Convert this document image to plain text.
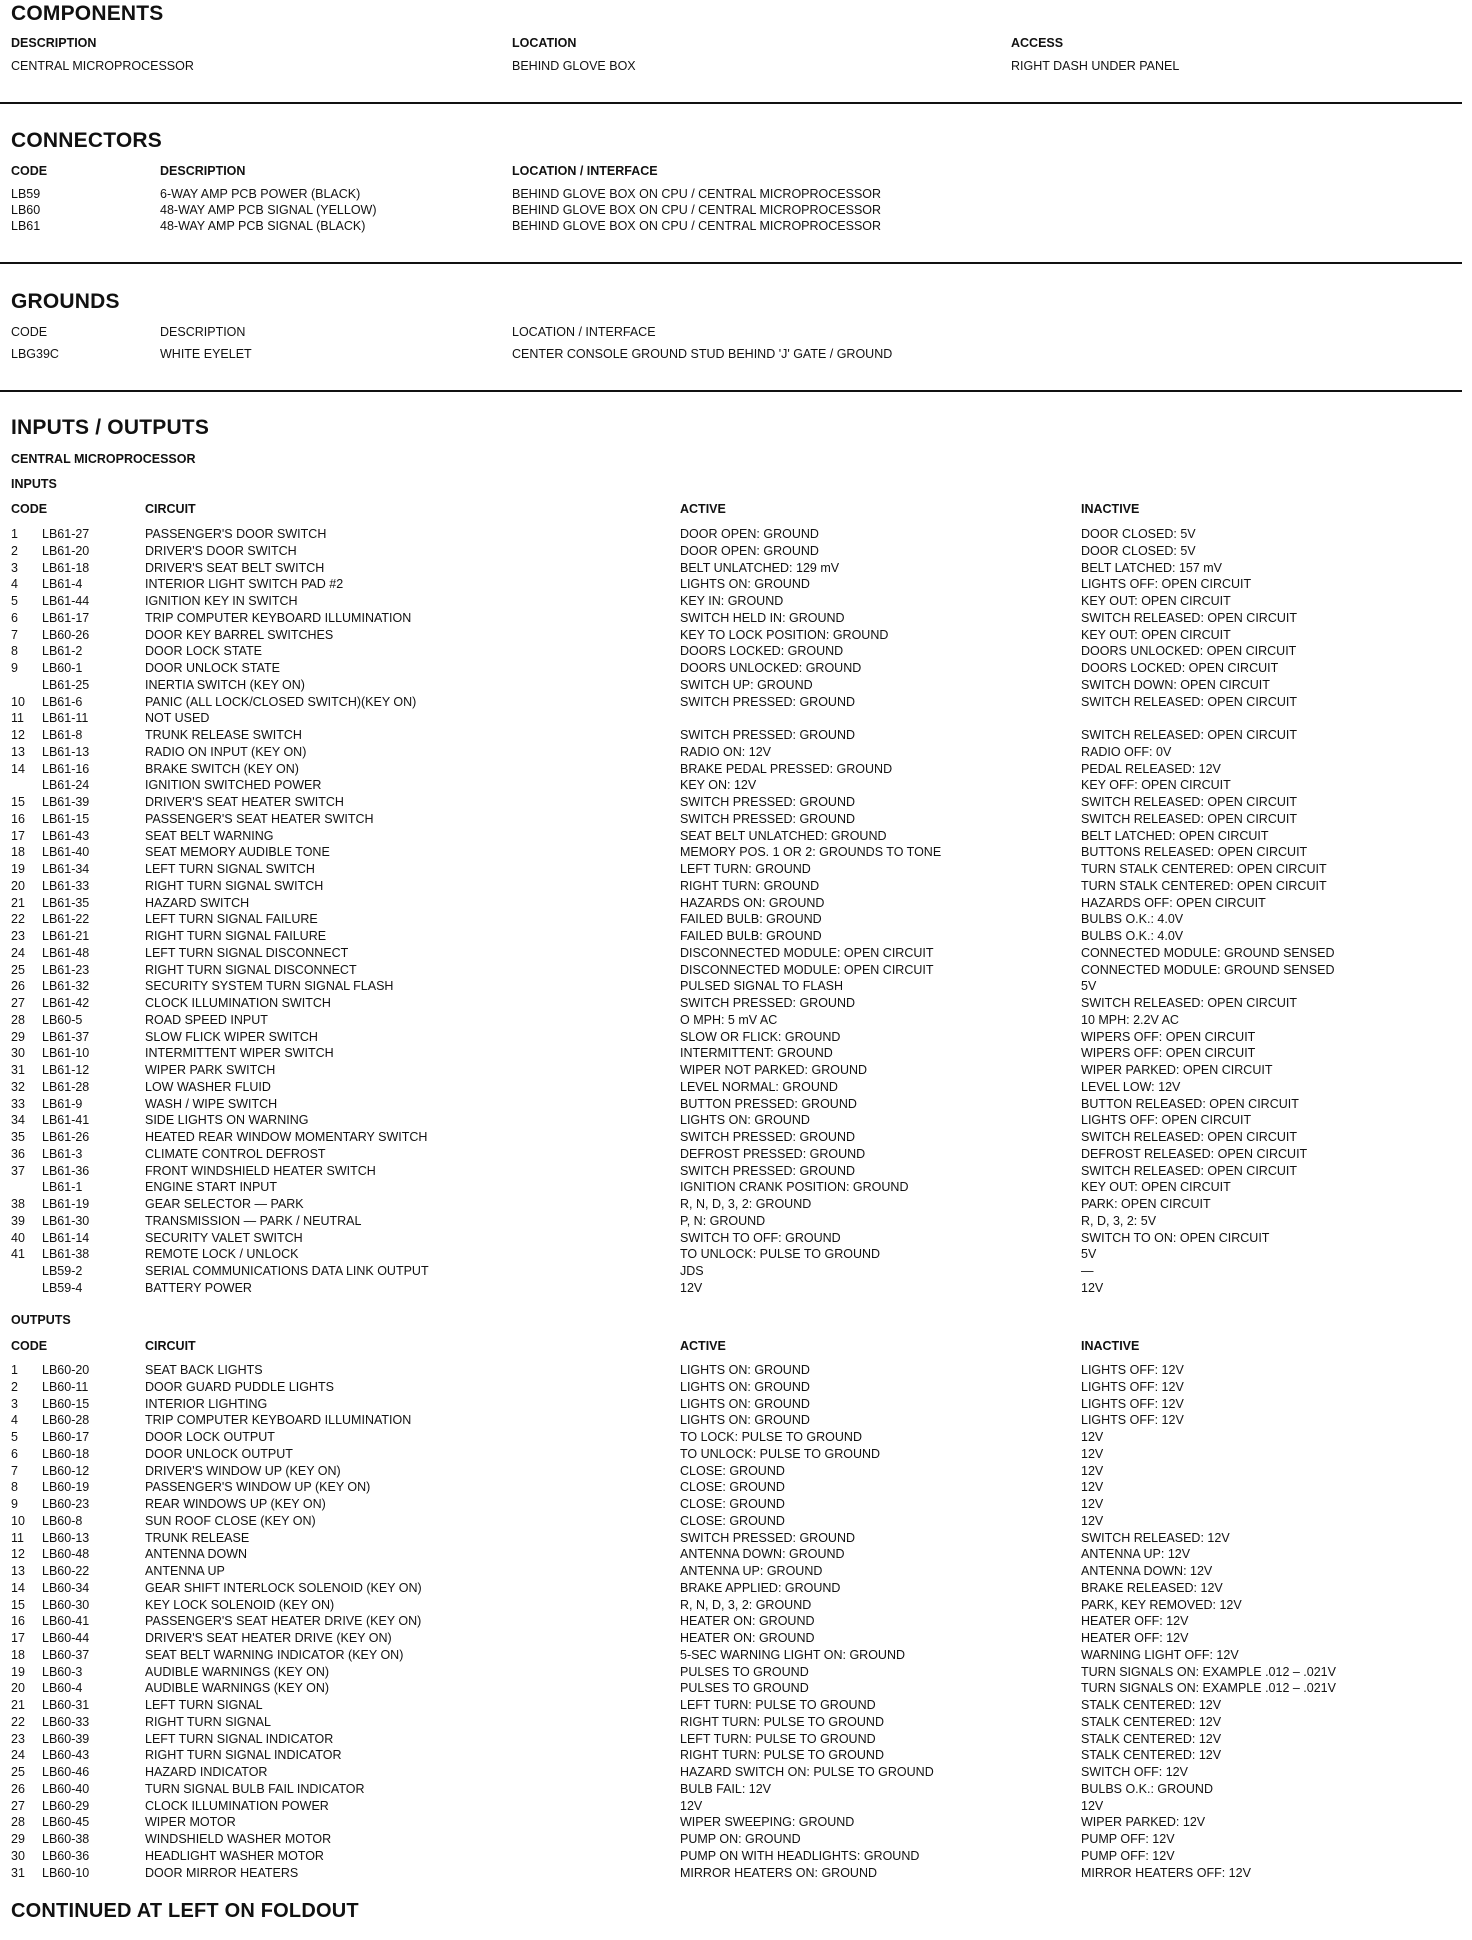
COMPONENTS
DESCRIPTION	LOCATION	ACCESS
CENTRAL MICROPROCESSOR	BEHIND GLOVE BOX	RIGHT DASH UNDER PANEL
CONNECTORS
CODE	DESCRIPTION	LOCATION / INTERFACE
LB59	6-WAY AMP PCB POWER (BLACK)	BEHIND GLOVE BOX ON CPU / CENTRAL MICROPROCESSOR
LB60	48-WAY AMP PCB SIGNAL (YELLOW)	BEHIND GLOVE BOX ON CPU / CENTRAL MICROPROCESSOR
LB61	48-WAY AMP PCB SIGNAL (BLACK)	BEHIND GLOVE BOX ON CPU / CENTRAL MICROPROCESSOR
GROUNDS
CODE	DESCRIPTION	LOCATION / INTERFACE
LBG39C	WHITE EYELET	CENTER CONSOLE GROUND STUD BEHIND 'J' GATE / GROUND
INPUTS / OUTPUTS
CENTRAL MICROPROCESSOR
INPUTS
CODE	CIRCUIT	ACTIVE	INACTIVE
1 LB61-27	PASSENGER'S DOOR SWITCH	DOOR OPEN: GROUND	DOOR CLOSED: 5V
2 LB61-20	DRIVER'S DOOR SWITCH	DOOR OPEN: GROUND	DOOR CLOSED: 5V
3 LB61-18	DRIVER'S SEAT BELT SWITCH	BELT UNLATCHED: 129 mV	BELT LATCHED: 157 mV
4 LB61-4	INTERIOR LIGHT SWITCH PAD #2	LIGHTS ON: GROUND	LIGHTS OFF: OPEN CIRCUIT
5 LB61-44	IGNITION KEY IN SWITCH	KEY IN: GROUND	KEY OUT: OPEN CIRCUIT
6 LB61-17	TRIP COMPUTER KEYBOARD ILLUMINATION	SWITCH HELD IN: GROUND	SWITCH RELEASED: OPEN CIRCUIT
7 LB60-26	DOOR KEY BARREL SWITCHES	KEY TO LOCK POSITION: GROUND	KEY OUT: OPEN CIRCUIT
8 LB61-2	DOOR LOCK STATE	DOORS LOCKED: GROUND	DOORS UNLOCKED: OPEN CIRCUIT
9 LB60-1	DOOR UNLOCK STATE	DOORS UNLOCKED: GROUND	DOORS LOCKED: OPEN CIRCUIT
LB61-25	INERTIA SWITCH (KEY ON)	SWITCH UP: GROUND	SWITCH DOWN: OPEN CIRCUIT
10 LB61-6	PANIC (ALL LOCK/CLOSED SWITCH)(KEY ON)	SWITCH PRESSED: GROUND	SWITCH RELEASED: OPEN CIRCUIT
11 LB61-11	NOT USED
12 LB61-8	TRUNK RELEASE SWITCH	SWITCH PRESSED: GROUND	SWITCH RELEASED: OPEN CIRCUIT
13 LB61-13	RADIO ON INPUT (KEY ON)	RADIO ON: 12V	RADIO OFF: 0V
14 LB61-16	BRAKE SWITCH (KEY ON)	BRAKE PEDAL PRESSED: GROUND	PEDAL RELEASED: 12V
LB61-24	IGNITION SWITCHED POWER	KEY ON: 12V	KEY OFF: OPEN CIRCUIT
15 LB61-39	DRIVER'S SEAT HEATER SWITCH	SWITCH PRESSED: GROUND	SWITCH RELEASED: OPEN CIRCUIT
16 LB61-15	PASSENGER'S SEAT HEATER SWITCH	SWITCH PRESSED: GROUND	SWITCH RELEASED: OPEN CIRCUIT
17 LB61-43	SEAT BELT WARNING	SEAT BELT UNLATCHED: GROUND	BELT LATCHED: OPEN CIRCUIT
18 LB61-40	SEAT MEMORY AUDIBLE TONE	MEMORY POS. 1 OR 2: GROUNDS TO TONE	BUTTONS RELEASED: OPEN CIRCUIT
19 LB61-34	LEFT TURN SIGNAL SWITCH	LEFT TURN: GROUND	TURN STALK CENTERED: OPEN CIRCUIT
20 LB61-33	RIGHT TURN SIGNAL SWITCH	RIGHT TURN: GROUND	TURN STALK CENTERED: OPEN CIRCUIT
21 LB61-35	HAZARD SWITCH	HAZARDS ON: GROUND	HAZARDS OFF: OPEN CIRCUIT
22 LB61-22	LEFT TURN SIGNAL FAILURE	FAILED BULB: GROUND	BULBS O.K.: 4.0V
23 LB61-21	RIGHT TURN SIGNAL FAILURE	FAILED BULB: GROUND	BULBS O.K.: 4.0V
24 LB61-48	LEFT TURN SIGNAL DISCONNECT	DISCONNECTED MODULE: OPEN CIRCUIT	CONNECTED MODULE: GROUND SENSED
25 LB61-23	RIGHT TURN SIGNAL DISCONNECT	DISCONNECTED MODULE: OPEN CIRCUIT	CONNECTED MODULE: GROUND SENSED
26 LB61-32	SECURITY SYSTEM TURN SIGNAL FLASH	PULSED SIGNAL TO FLASH	5V
27 LB61-42	CLOCK ILLUMINATION SWITCH	SWITCH PRESSED: GROUND	SWITCH RELEASED: OPEN CIRCUIT
28 LB60-5	ROAD SPEED INPUT	O MPH: 5 mV AC	10 MPH: 2.2V AC
29 LB61-37	SLOW FLICK WIPER SWITCH	SLOW OR FLICK: GROUND	WIPERS OFF: OPEN CIRCUIT
30 LB61-10	INTERMITTENT WIPER SWITCH	INTERMITTENT: GROUND	WIPERS OFF: OPEN CIRCUIT
31 LB61-12	WIPER PARK SWITCH	WIPER NOT PARKED: GROUND	WIPER PARKED: OPEN CIRCUIT
32 LB61-28	LOW WASHER FLUID	LEVEL NORMAL: GROUND	LEVEL LOW: 12V
33 LB61-9	WASH / WIPE SWITCH	BUTTON PRESSED: GROUND	BUTTON RELEASED: OPEN CIRCUIT
34 LB61-41	SIDE LIGHTS ON WARNING	LIGHTS ON: GROUND	LIGHTS OFF: OPEN CIRCUIT
35 LB61-26	HEATED REAR WINDOW MOMENTARY SWITCH	SWITCH PRESSED: GROUND	SWITCH RELEASED: OPEN CIRCUIT
36 LB61-3	CLIMATE CONTROL DEFROST	DEFROST PRESSED: GROUND	DEFROST RELEASED: OPEN CIRCUIT
37 LB61-36	FRONT WINDSHIELD HEATER SWITCH	SWITCH PRESSED: GROUND	SWITCH RELEASED: OPEN CIRCUIT
LB61-1	ENGINE START INPUT	IGNITION CRANK POSITION: GROUND	KEY OUT: OPEN CIRCUIT
38 LB61-19	GEAR SELECTOR — PARK	R, N, D, 3, 2: GROUND	PARK: OPEN CIRCUIT
39 LB61-30	TRANSMISSION — PARK / NEUTRAL	P, N: GROUND	R, D, 3, 2: 5V
40 LB61-14	SECURITY VALET SWITCH	SWITCH TO OFF: GROUND	SWITCH TO ON: OPEN CIRCUIT
41 LB61-38	REMOTE LOCK / UNLOCK	TO UNLOCK: PULSE TO GROUND	5V
LB59-2	SERIAL COMMUNICATIONS DATA LINK OUTPUT	JDS	—
LB59-4	BATTERY POWER	12V	12V
OUTPUTS
CODE	CIRCUIT	ACTIVE	INACTIVE
1 LB60-20	SEAT BACK LIGHTS	LIGHTS ON: GROUND	LIGHTS OFF: 12V
2 LB60-11	DOOR GUARD PUDDLE LIGHTS	LIGHTS ON: GROUND	LIGHTS OFF: 12V
3 LB60-15	INTERIOR LIGHTING	LIGHTS ON: GROUND	LIGHTS OFF: 12V
4 LB60-28	TRIP COMPUTER KEYBOARD ILLUMINATION	LIGHTS ON: GROUND	LIGHTS OFF: 12V
5 LB60-17	DOOR LOCK OUTPUT	TO LOCK: PULSE TO GROUND	12V
6 LB60-18	DOOR UNLOCK OUTPUT	TO UNLOCK: PULSE TO GROUND	12V
7 LB60-12	DRIVER'S WINDOW UP (KEY ON)	CLOSE: GROUND	12V
8 LB60-19	PASSENGER'S WINDOW UP (KEY ON)	CLOSE: GROUND	12V
9 LB60-23	REAR WINDOWS UP (KEY ON)	CLOSE: GROUND	12V
10 LB60-8	SUN ROOF CLOSE (KEY ON)	CLOSE: GROUND	12V
11 LB60-13	TRUNK RELEASE	SWITCH PRESSED: GROUND	SWITCH RELEASED: 12V
12 LB60-48	ANTENNA DOWN	ANTENNA DOWN: GROUND	ANTENNA UP: 12V
13 LB60-22	ANTENNA UP	ANTENNA UP: GROUND	ANTENNA DOWN: 12V
14 LB60-34	GEAR SHIFT INTERLOCK SOLENOID (KEY ON)	BRAKE APPLIED: GROUND	BRAKE RELEASED: 12V
15 LB60-30	KEY LOCK SOLENOID (KEY ON)	R, N, D, 3, 2: GROUND	PARK, KEY REMOVED: 12V
16 LB60-41	PASSENGER'S SEAT HEATER DRIVE (KEY ON)	HEATER ON: GROUND	HEATER OFF: 12V
17 LB60-44	DRIVER'S SEAT HEATER DRIVE (KEY ON)	HEATER ON: GROUND	HEATER OFF: 12V
18 LB60-37	SEAT BELT WARNING INDICATOR (KEY ON)	5-SEC WARNING LIGHT ON: GROUND	WARNING LIGHT OFF: 12V
19 LB60-3	AUDIBLE WARNINGS (KEY ON)	PULSES TO GROUND	TURN SIGNALS ON: EXAMPLE .012 – .021V
20 LB60-4	AUDIBLE WARNINGS (KEY ON)	PULSES TO GROUND	TURN SIGNALS ON: EXAMPLE .012 – .021V
21 LB60-31	LEFT TURN SIGNAL	LEFT TURN: PULSE TO GROUND	STALK CENTERED: 12V
22 LB60-33	RIGHT TURN SIGNAL	RIGHT TURN: PULSE TO GROUND	STALK CENTERED: 12V
23 LB60-39	LEFT TURN SIGNAL INDICATOR	LEFT TURN: PULSE TO GROUND	STALK CENTERED: 12V
24 LB60-43	RIGHT TURN SIGNAL INDICATOR	RIGHT TURN: PULSE TO GROUND	STALK CENTERED: 12V
25 LB60-46	HAZARD INDICATOR	HAZARD SWITCH ON: PULSE TO GROUND	SWITCH OFF: 12V
26 LB60-40	TURN SIGNAL BULB FAIL INDICATOR	BULB FAIL: 12V	BULBS O.K.: GROUND
27 LB60-29	CLOCK ILLUMINATION POWER	12V	12V
28 LB60-45	WIPER MOTOR	WIPER SWEEPING: GROUND	WIPER PARKED: 12V
29 LB60-38	WINDSHIELD WASHER MOTOR	PUMP ON: GROUND	PUMP OFF: 12V
30 LB60-36	HEADLIGHT WASHER MOTOR	PUMP ON WITH HEADLIGHTS: GROUND	PUMP OFF: 12V
31 LB60-10	DOOR MIRROR HEATERS	MIRROR HEATERS ON: GROUND	MIRROR HEATERS OFF: 12V
CONTINUED AT LEFT ON FOLDOUT
